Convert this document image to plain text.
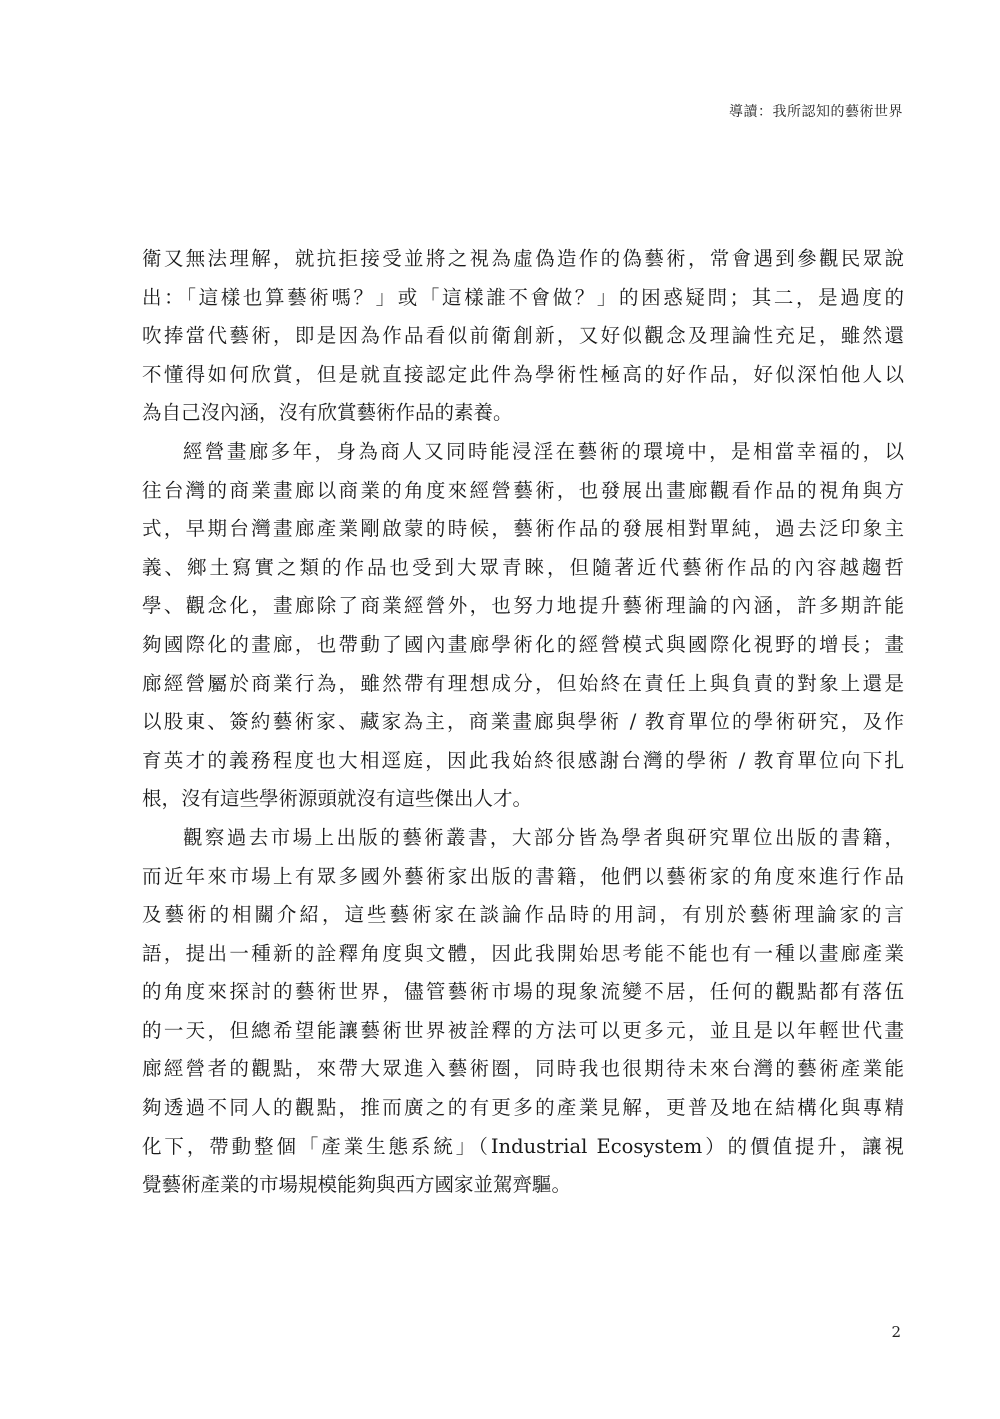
導讀：我所認知的藝術世界
衛又無法理解，就抗拒接受並將之視為虛偽造作的偽藝術，常會遇到參觀民眾說
出：「這樣也算藝術嗎？」或「這樣誰不會做？」的困惑疑問；其二，是過度的
吹捧當代藝術，即是因為作品看似前衛創新，又好似觀念及理論性充足，雖然還
不懂得如何欣賞，但是就直接認定此件為學術性極高的好作品，好似深怕他人以
為自己沒內涵，沒有欣賞藝術作品的素養。
經營畫廊多年，身為商人又同時能浸淫在藝術的環境中，是相當幸福的，以
往台灣的商業畫廊以商業的角度來經營藝術，也發展出畫廊觀看作品的視角與方
式，早期台灣畫廊產業剛啟蒙的時候，藝術作品的發展相對單純，過去泛印象主
義、鄉土寫實之類的作品也受到大眾青睞，但隨著近代藝術作品的內容越趨哲
學、觀念化，畫廊除了商業經營外，也努力地提升藝術理論的內涵，許多期許能
夠國際化的畫廊，也帶動了國內畫廊學術化的經營模式與國際化視野的增長；畫
廊經營屬於商業行為，雖然帶有理想成分，但始終在責任上與負責的對象上還是
以股東、簽約藝術家、藏家為主，商業畫廊與學術 / 教育單位的學術研究，及作
育英才的義務程度也大相逕庭，因此我始終很感謝台灣的學術 / 教育單位向下扎
根，沒有這些學術源頭就沒有這些傑出人才。
觀察過去市場上出版的藝術叢書，大部分皆為學者與研究單位出版的書籍，
而近年來市場上有眾多國外藝術家出版的書籍，他們以藝術家的角度來進行作品
及藝術的相關介紹，這些藝術家在談論作品時的用詞，有別於藝術理論家的言
語，提出一種新的詮釋角度與文體，因此我開始思考能不能也有一種以畫廊產業
的角度來探討的藝術世界，儘管藝術市場的現象流變不居，任何的觀點都有落伍
的一天，但總希望能讓藝術世界被詮釋的方法可以更多元，並且是以年輕世代畫
廊經營者的觀點，來帶大眾進入藝術圈，同時我也很期待未來台灣的藝術產業能
夠透過不同人的觀點，推而廣之的有更多的產業見解，更普及地在結構化與專精
化下，帶動整個「產業生態系統」（Industrial Ecosystem）的價值提升，讓視
覺藝術產業的市場規模能夠與西方國家並駕齊驅。
2
